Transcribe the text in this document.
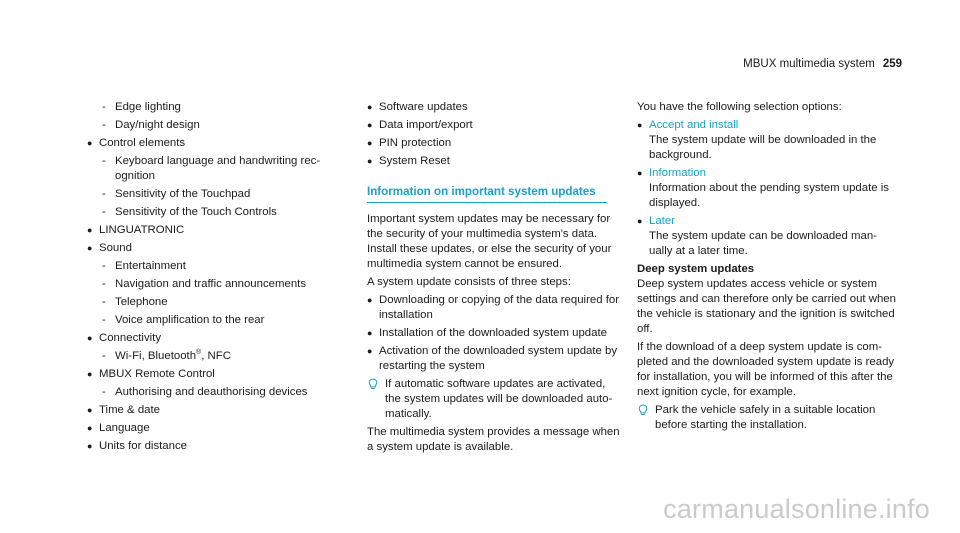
MBUX multimedia system 259
- Edge lighting
- Day/night design
● Control elements
- Keyboard language and handwriting rec-ognition
- Sensitivity of the Touchpad
- Sensitivity of the Touch Controls
● LINGUATRONIC
● Sound
- Entertainment
- Navigation and traffic announcements
- Telephone
- Voice amplification to the rear
● Connectivity
- Wi-Fi, Bluetooth®, NFC
● MBUX Remote Control
- Authorising and deauthorising devices
● Time & date
● Language
● Units for distance
● Software updates
● Data import/export
● PIN protection
● System Reset
Information on important system updates
Important system updates may be necessary for the security of your multimedia system's data. Install these updates, or else the security of your multimedia system cannot be ensured.
A system update consists of three steps:
● Downloading or copying of the data required for installation
● Installation of the downloaded system update
● Activation of the downloaded system update by restarting the system
If automatic software updates are activated, the system updates will be downloaded auto-matically.
The multimedia system provides a message when a system update is available.
You have the following selection options:
● Accept and install
The system update will be downloaded in the background.
● Information
Information about the pending system update is displayed.
● Later
The system update can be downloaded man-ually at a later time.
Deep system updates
Deep system updates access vehicle or system settings and can therefore only be carried out when the vehicle is stationary and the ignition is switched off.
If the download of a deep system update is com-pleted and the downloaded system update is ready for installation, you will be informed of this after the next ignition cycle, for example.
Park the vehicle safely in a suitable location before starting the installation.
carmanualsonline.info
